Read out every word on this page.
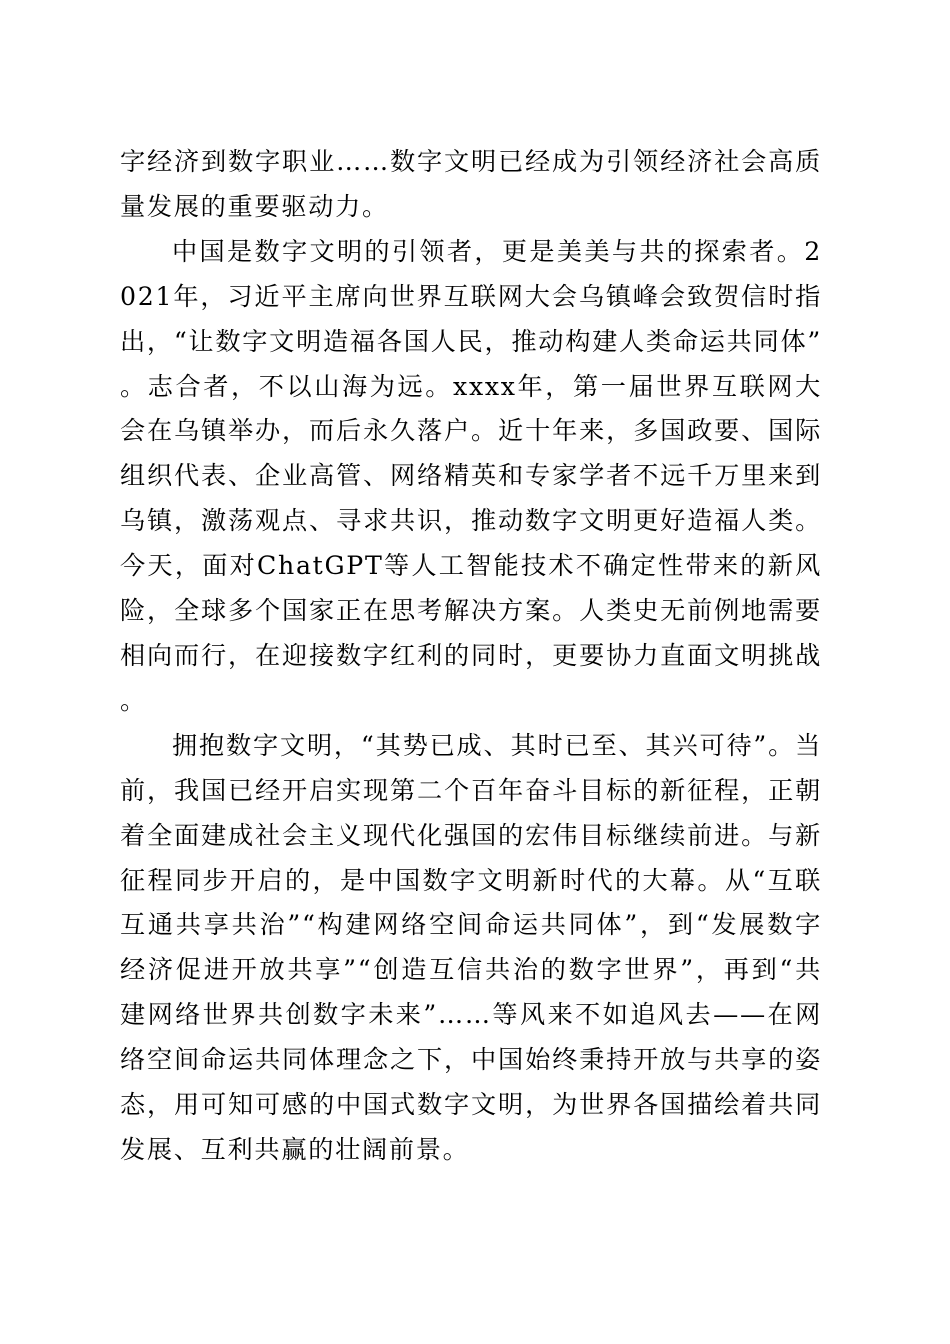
字经济到数字职业……数字文明已经成为引领经济社会高质量发展的重要驱动力。

中国是数字文明的引领者，更是美美与共的探索者。2021年，习近平主席向世界互联网大会乌镇峰会致贺信时指出，“让数字文明造福各国人民，推动构建人类命运共同体”。志合者，不以山海为远。xxxx年，第一届世界互联网大会在乌镇举办，而后永久落户。近十年来，多国政要、国际组织代表、企业高管、网络精英和专家学者不远千万里来到乌镇，激荡观点、寻求共识，推动数字文明更好造福人类。今天，面对ChatGPT等人工智能技术不确定性带来的新风险，全球多个国家正在思考解决方案。人类史无前例地需要相向而行，在迎接数字红利的同时，更要协力直面文明挑战。

拥抱数字文明，“其势已成、其时已至、其兴可待”。当前，我国已经开启实现第二个百年奋斗目标的新征程，正朝着全面建成社会主义现代化强国的宏伟目标继续前进。与新征程同步开启的，是中国数字文明新时代的大幕。从“互联互通共享共治”“构建网络空间命运共同体”，到“发展数字经济促进开放共享”“创造互信共治的数字世界”，再到“共建网络世界共创数字未来”……等风来不如追风去——在网络空间命运共同体理念之下，中国始终秉持开放与共享的姿态，用可知可感的中国式数字文明，为世界各国描绘着共同发展、互利共赢的壮阔前景。
